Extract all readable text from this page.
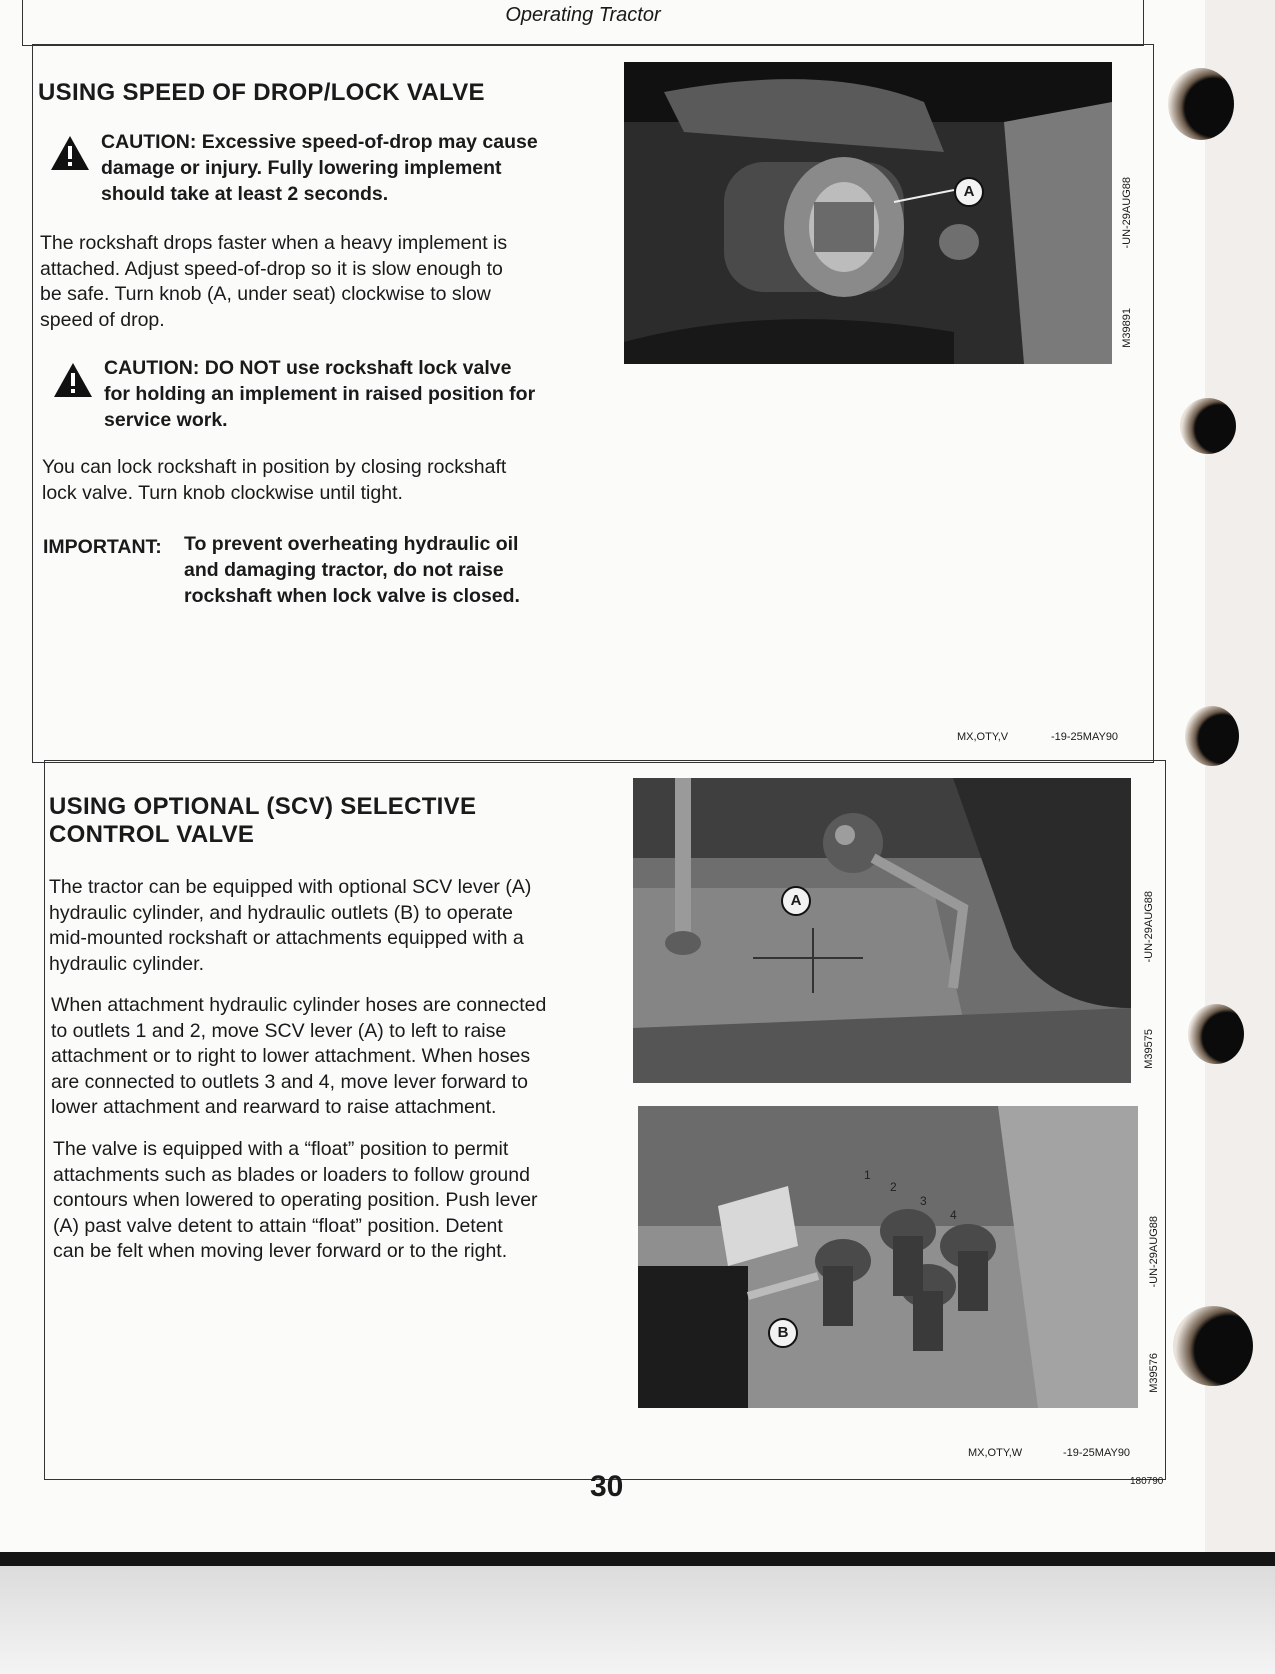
Operating Tractor
USING SPEED OF DROP/LOCK VALVE
CAUTION: Excessive speed-of-drop may cause
damage or injury. Fully lowering implement
should take at least 2 seconds.

The rockshaft drops faster when a heavy implement is
attached. Adjust speed-of-drop so it is slow enough to
be safe. Turn knob (A, under seat) clockwise to slow
speed of drop.

CAUTION: DO NOT use rockshaft lock valve
for holding an implement in raised position for
service work.

You can lock rockshaft in position by closing rockshaft
lock valve. Turn knob clockwise until tight.

IMPORTANT: To prevent overheating hydraulic oil
and damaging tractor, do not raise
rockshaft when lock valve is closed.
A	-UN-29AUG88
M39891
MX,OTY,V	-19-25MAY90
USING OPTIONAL (SCV) SELECTIVE
CONTROL VALVE

The tractor can be equipped with optional SCV lever (A)
hydraulic cylinder, and hydraulic outlets (B) to operate
mid-mounted rockshaft or attachments equipped with a
hydraulic cylinder.

When attachment hydraulic cylinder hoses are connected
to outlets 1 and 2, move SCV lever (A) to left to raise
attachment or to right to lower attachment. When hoses
are connected to outlets 3 and 4, move lever forward to
lower attachment and rearward to raise attachment.

The valve is equipped with a “float” position to permit
attachments such as blades or loaders to follow ground
contours when lowered to operating position. Push lever
(A) past valve detent to attain “float” position. Detent
can be felt when moving lever forward or to the right.

A	-UN-29AUG88
M39575
1
2
3
4
B
-UN-29AUG88
M39576
MX,OTY,W	-19-25MAY90
30	180790
